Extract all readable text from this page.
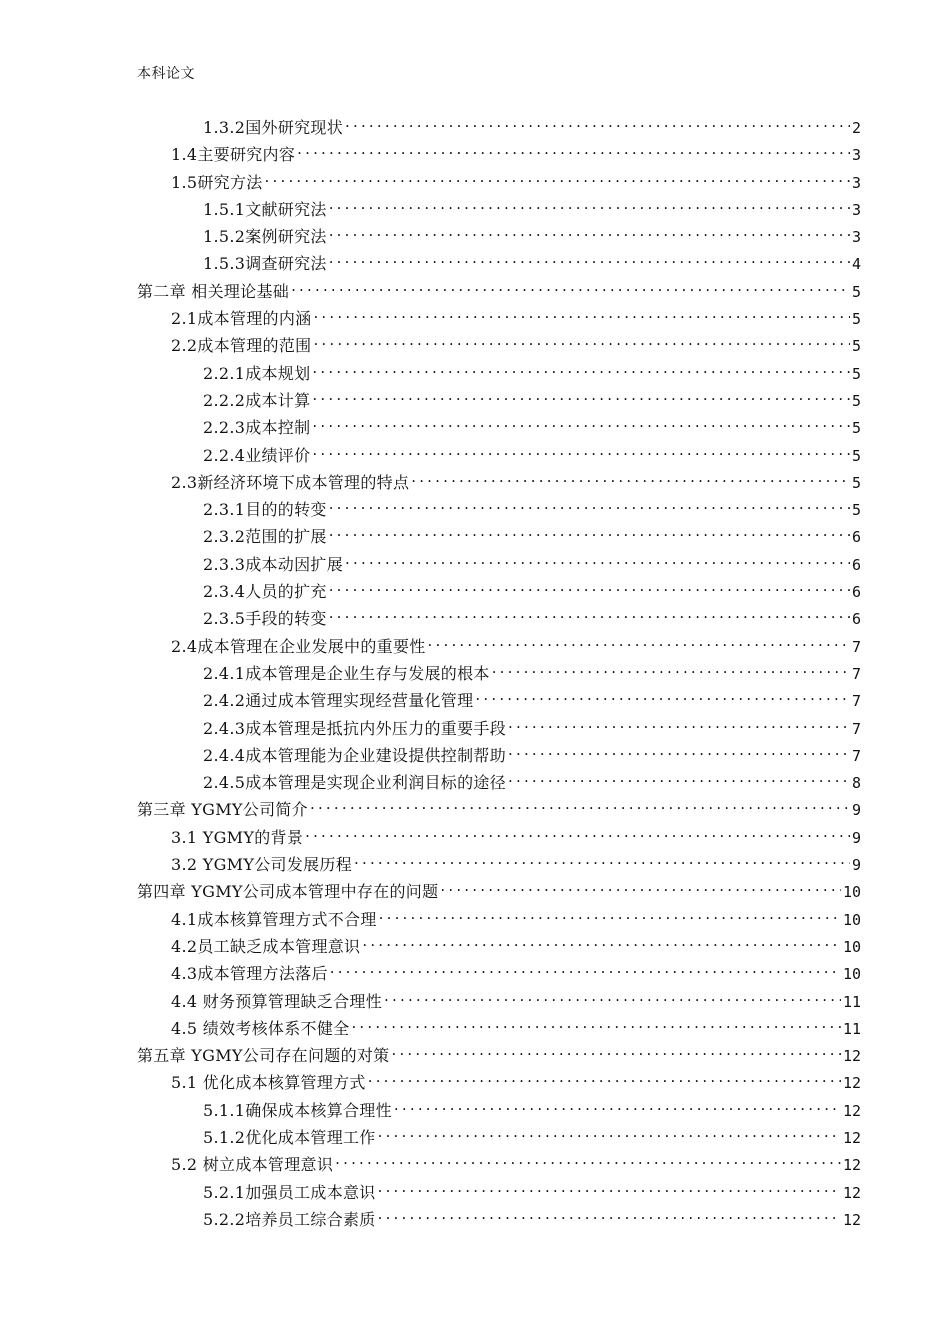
本科论文
1.3.2国外研究现状 .....	2
1.4主要研究内容 .....	3
1.5研究方法 .....	3
1.5.1文献研究法 .....	3
1.5.2案例研究法 .....	3
1.5.3调查研究法 .....	4
第二章 相关理论基础 .....	5
2.1成本管理的内涵 .....	5
2.2成本管理的范围 .....	5
2.2.1成本规划 .....	5
2.2.2成本计算 .....	5
2.2.3成本控制 .....	5
2.2.4业绩评价 .....	5
2.3新经济环境下成本管理的特点 .....	5
2.3.1目的的转变 .....	5
2.3.2范围的扩展 .....	6
2.3.3成本动因扩展 .....	6
2.3.4人员的扩充 .....	6
2.3.5手段的转变 .....	6
2.4成本管理在企业发展中的重要性 .....	7
2.4.1成本管理是企业生存与发展的根本 .....	7
2.4.2通过成本管理实现经营量化管理 .....	7
2.4.3成本管理是抵抗内外压力的重要手段 .....	7
2.4.4成本管理能为企业建设提供控制帮助 .....	7
2.4.5成本管理是实现企业利润目标的途径 .....	8
第三章 YGMY公司简介 .....	9
3.1 YGMY的背景 .....	9
3.2 YGMY公司发展历程 .....	9
第四章 YGMY公司成本管理中存在的问题 .....	10
4.1成本核算管理方式不合理 .....	10
4.2员工缺乏成本管理意识 .....	10
4.3成本管理方法落后 .....	10
4.4 财务预算管理缺乏合理性 .....	11
4.5 绩效考核体系不健全 .....	11
第五章 YGMY公司存在问题的对策 .....	12
5.1 优化成本核算管理方式 .....	12
5.1.1确保成本核算合理性 .....	12
5.1.2优化成本管理工作 .....	12
5.2 树立成本管理意识 .....	12
5.2.1加强员工成本意识 .....	12
5.2.2培养员工综合素质 .....	12
